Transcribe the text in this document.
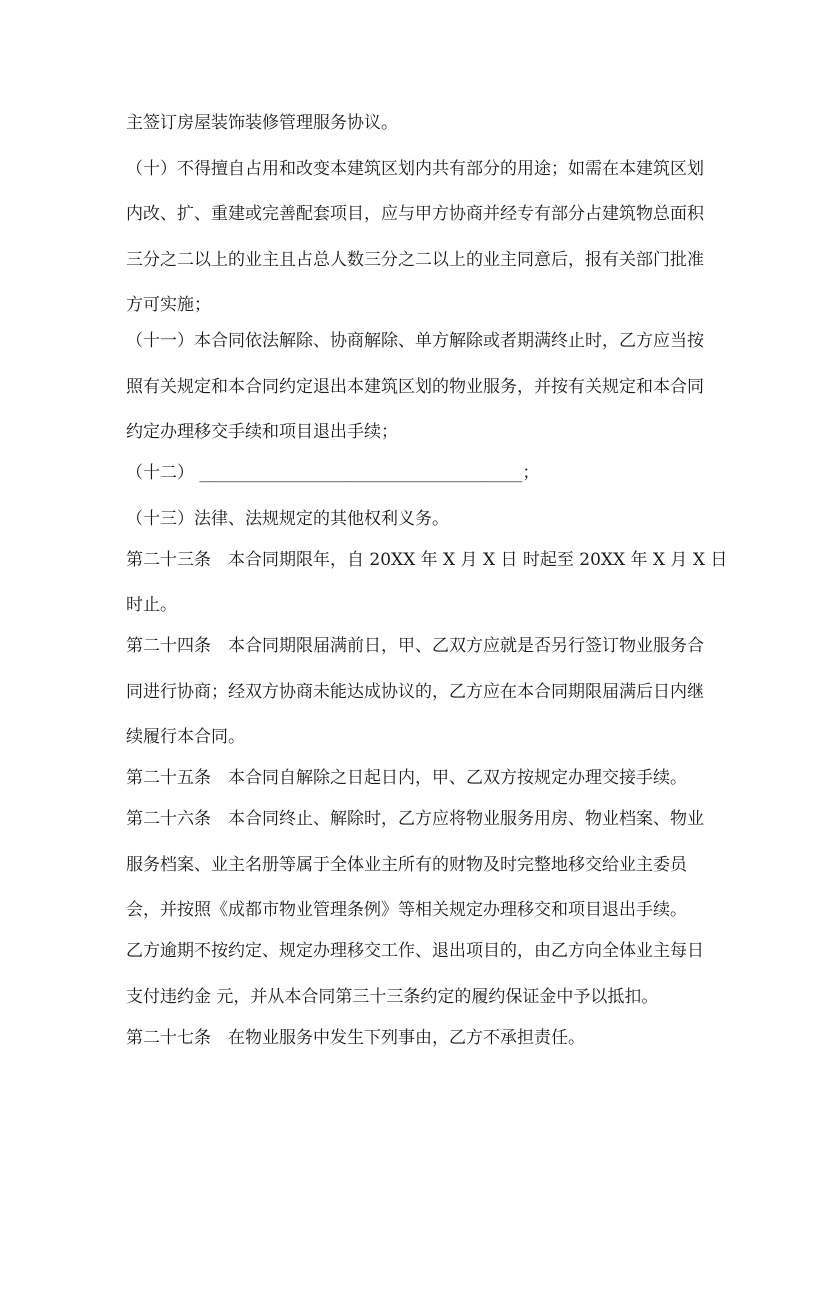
主签订房屋装饰装修管理服务协议。
（十）不得擅自占用和改变本建筑区划内共有部分的用途；如需在本建筑区划
内改、扩、重建或完善配套项目，应与甲方协商并经专有部分占建筑物总面积
三分之二以上的业主且占总人数三分之二以上的业主同意后，报有关部门批准
方可实施；
（十一）本合同依法解除、协商解除、单方解除或者期满终止时，乙方应当按
照有关规定和本合同约定退出本建筑区划的物业服务，并按有关规定和本合同
约定办理移交手续和项目退出手续；
（十二） ______________________________________；
（十三）法律、法规规定的其他权利义务。
第二十三条　本合同期限年，自 20XX 年 X 月 X 日 时起至 20XX 年 X 月 X 日
时止。
第二十四条　本合同期限届满前日，甲、乙双方应就是否另行签订物业服务合
同进行协商；经双方协商未能达成协议的，乙方应在本合同期限届满后日内继
续履行本合同。
第二十五条　本合同自解除之日起日内，甲、乙双方按规定办理交接手续。
第二十六条　本合同终止、解除时，乙方应将物业服务用房、物业档案、物业
服务档案、业主名册等属于全体业主所有的财物及时完整地移交给业主委员
会，并按照《成都市物业管理条例》等相关规定办理移交和项目退出手续。
乙方逾期不按约定、规定办理移交工作、退出项目的，由乙方向全体业主每日
支付违约金 元，并从本合同第三十三条约定的履约保证金中予以抵扣。
第二十七条　在物业服务中发生下列事由，乙方不承担责任。
